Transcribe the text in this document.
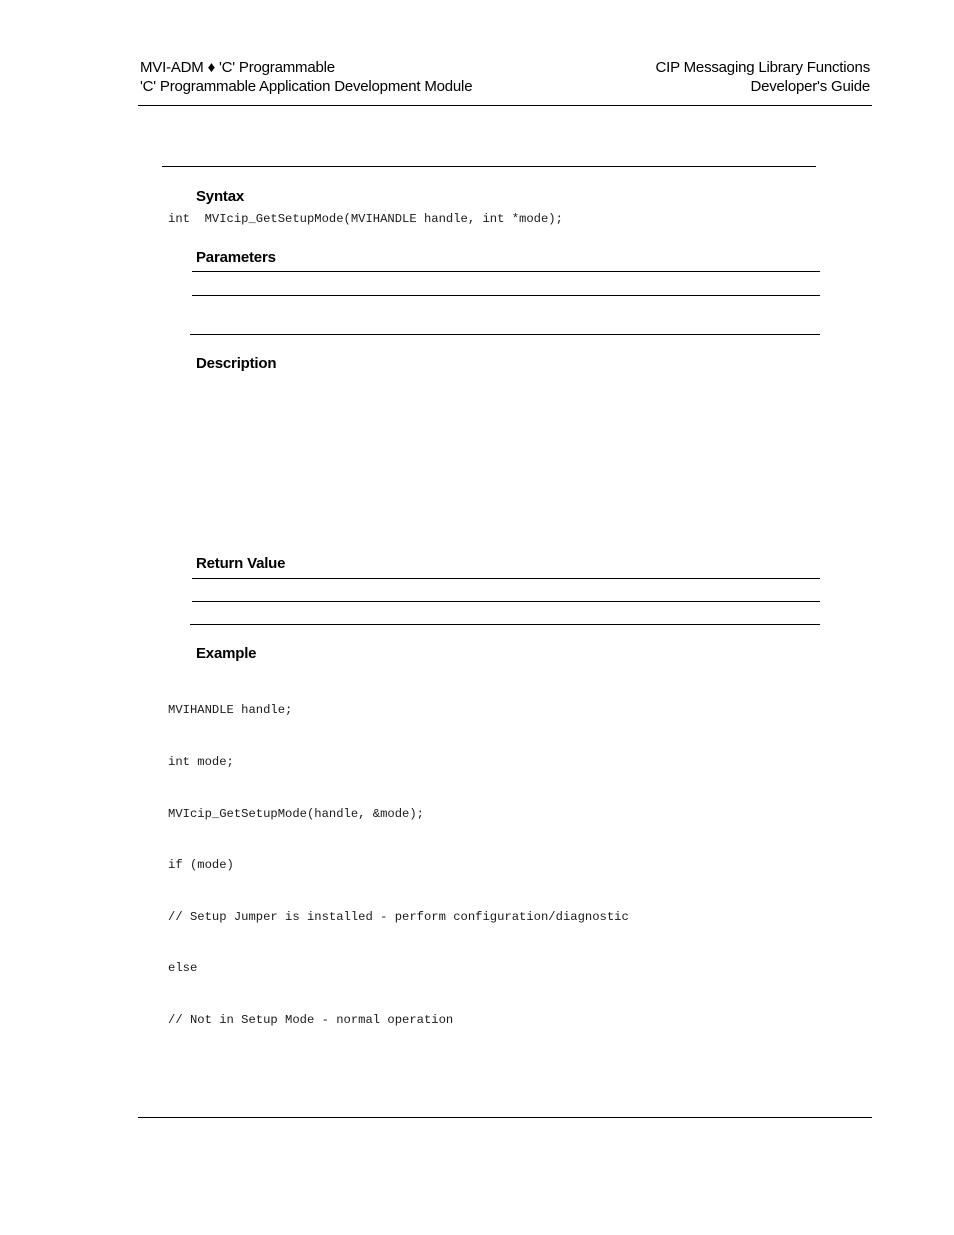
MVI-ADM ♦ 'C' Programmable
'C' Programmable Application Development Module
CIP Messaging Library Functions
Developer's Guide
Syntax
int  MVIcip_GetSetupMode(MVIHANDLE handle, int *mode);
Parameters
Description
Return Value
Example

MVIHANDLE handle;

int mode;

MVIcip_GetSetupMode(handle, &mode);

if (mode)

// Setup Jumper is installed - perform configuration/diagnostic

else

// Not in Setup Mode - normal operation
